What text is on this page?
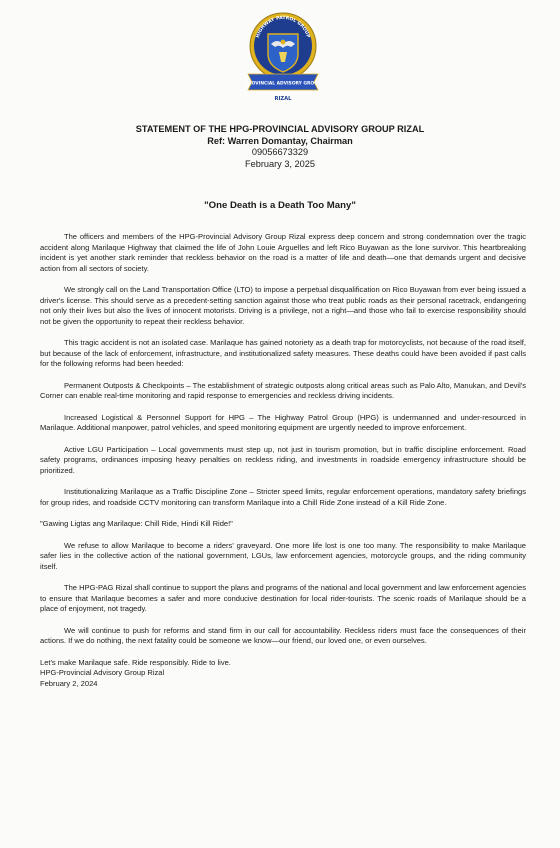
HIGHWAY PATROL GROUP
PROVINCIAL ADVISORY GROUP
RIZAL
STATEMENT OF THE HPG-PROVINCIAL ADVISORY GROUP RIZAL
Ref: Warren Domantay, Chairman
09056673329
February 3, 2025
"One Death is a Death Too Many"

The officers and members of the HPG-Provincial Advisory Group Rizal express deep concern and strong condemnation over the tragic accident along Marilaque Highway that claimed the life of John Louie Arguelles and left Rico Buyawan as the lone survivor. This heartbreaking incident is yet another stark reminder that reckless behavior on the road is a matter of life and death—one that demands urgent and decisive action from all sectors of society.

We strongly call on the Land Transportation Office (LTO) to impose a perpetual disqualification on Rico Buyawan from ever being issued a driver's license. This should serve as a precedent-setting sanction against those who treat public roads as their personal racetrack, endangering not only their lives but also the lives of innocent motorists. Driving is a privilege, not a right—and those who fail to exercise responsibility should not be given the opportunity to repeat their reckless behavior.

This tragic accident is not an isolated case. Marilaque has gained notoriety as a death trap for motorcyclists, not because of the road itself, but because of the lack of enforcement, infrastructure, and institutionalized safety measures. These deaths could have been avoided if past calls for the following reforms had been heeded:

Permanent Outposts & Checkpoints – The establishment of strategic outposts along critical areas such as Palo Alto, Manukan, and Devil's Corner can enable real-time monitoring and rapid response to emergencies and reckless driving incidents.

Increased Logistical & Personnel Support for HPG – The Highway Patrol Group (HPG) is undermanned and under-resourced in Marilaque. Additional manpower, patrol vehicles, and speed monitoring equipment are urgently needed to improve enforcement.

Active LGU Participation – Local governments must step up, not just in tourism promotion, but in traffic discipline enforcement. Road safety programs, ordinances imposing heavy penalties on reckless riding, and investments in roadside emergency infrastructure should be prioritized.

Institutionalizing Marilaque as a Traffic Discipline Zone – Stricter speed limits, regular enforcement operations, mandatory safety briefings for group rides, and roadside CCTV monitoring can transform Marilaque into a Chill Ride Zone instead of a Kill Ride Zone.

"Gawing Ligtas ang Marilaque: Chill Ride, Hindi Kill Ride!"

We refuse to allow Marilaque to become a riders' graveyard. One more life lost is one too many. The responsibility to make Marilaque safer lies in the collective action of the national government, LGUs, law enforcement agencies, motorcycle groups, and the riding community itself.

The HPG-PAG Rizal shall continue to support the plans and programs of the national and local government and law enforcement agencies to ensure that Marilaque becomes a safer and more conducive destination for local rider-tourists. The scenic roads of Marilaque should be a place of enjoyment, not tragedy.

We will continue to push for reforms and stand firm in our call for accountability. Reckless riders must face the consequences of their actions. If we do nothing, the next fatality could be someone we know—our friend, our loved one, or even ourselves.

Let's make Marilaque safe. Ride responsibly. Ride to live.
HPG-Provincial Advisory Group Rizal
February 2, 2024
